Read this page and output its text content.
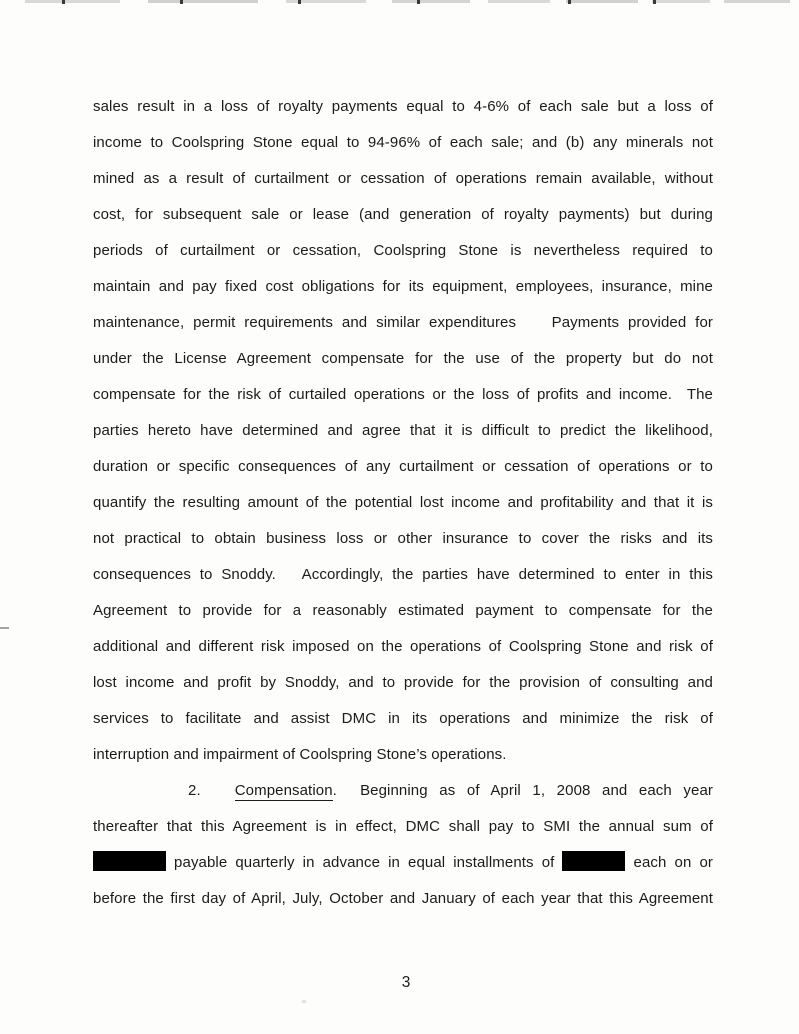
sales result in a loss of royalty payments equal to 4-6% of each sale but a loss of
income to Coolspring Stone equal to 94-96% of each sale; and (b) any minerals not
mined as a result of curtailment or cessation of operations remain available, without
cost, for subsequent sale or lease (and generation of royalty payments) but during
periods of curtailment or cessation, Coolspring Stone is nevertheless required to
maintain and pay fixed cost obligations for its equipment, employees, insurance, mine
maintenance, permit requirements and similar expenditures    Payments provided for
under the License Agreement compensate for the use of the property but do not
compensate for the risk of curtailed operations or the loss of profits and income.  The
parties hereto have determined and agree that it is difficult to predict the likelihood,
duration or specific consequences of any curtailment or cessation of operations or to
quantify the resulting amount of the potential lost income and profitability and that it is
not practical to obtain business loss or other insurance to cover the risks and its
consequences to Snoddy.   Accordingly, the parties have determined to enter in this
Agreement to provide for a reasonably estimated payment to compensate for the
additional and different risk imposed on the operations of Coolspring Stone and risk of
lost income and profit by Snoddy, and to provide for the provision of consulting and
services to facilitate and assist DMC in its operations and minimize the risk of
interruption and impairment of Coolspring Stone’s operations.
2. Compensation.  Beginning as of April 1, 2008 and each year
thereafter that this Agreement is in effect, DMC shall pay to SMI the annual sum of
payable quarterly in advance in equal installments of	each on or
before the first day of April, July, October and January of each year that this Agreement
3
